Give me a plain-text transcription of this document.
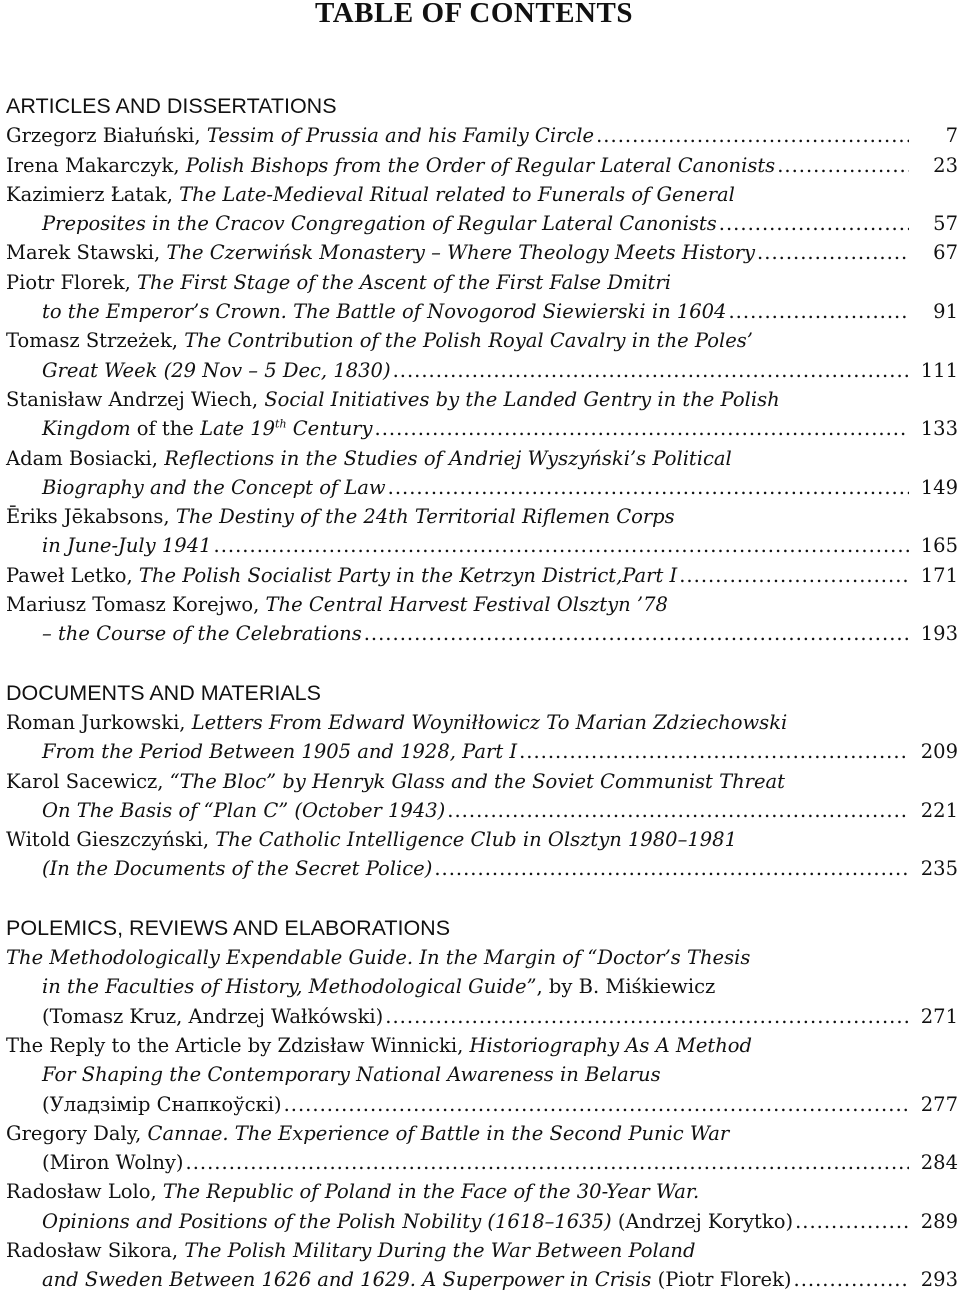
TABLE OF CONTENTS
ARTICLES AND DISSERTATIONS
Grzegorz Białuński, Tessim of Prussia and his Family Circle .....	7
Irena Makarczyk, Polish Bishops from the Order of Regular Lateral Canonists .....	23
Kazimierz Łatak, The Late-Medieval Ritual related to Funerals of General
Preposites in the Cracov Congregation of Regular Lateral Canonists .....	57
Marek Stawski, The Czerwińsk Monastery – Where Theology Meets History .....	67
Piotr Florek, The First Stage of the Ascent of the First False Dmitri
to the Emperor’s Crown. The Battle of Novogorod Siewierski in 1604 .....	91
Tomasz Strzeżek, The Contribution of the Polish Royal Cavalry in the Poles’
Great Week (29 Nov – 5 Dec, 1830) .....	111
Stanisław Andrzej Wiech, Social Initiatives by the Landed Gentry in the Polish
Kingdom of the Late 19th Century .....	133
Adam Bosiacki, Reflections in the Studies of Andriej Wyszyński’s Political
Biography and the Concept of Law .....	149
Ēriks Jēkabsons, The Destiny of the 24th Territorial Riflemen Corps
in June-July 1941 .....	165
Paweł Letko, The Polish Socialist Party in the Ketrzyn District,Part I .....	171
Mariusz Tomasz Korejwo, The Central Harvest Festival Olsztyn ’78
– the Course of the Celebrations .....	193
DOCUMENTS AND MATERIALS
Roman Jurkowski, Letters From Edward Woyniłłowicz To Marian Zdziechowski
From the Period Between 1905 and 1928, Part I .....	209
Karol Sacewicz, “The Bloc” by Henryk Glass and the Soviet Communist Threat
On The Basis of “Plan C” (October 1943) .....	221
Witold Gieszczyński, The Catholic Intelligence Club in Olsztyn 1980–1981
(In the Documents of the Secret Police) .....	235
POLEMICS, REVIEWS AND ELABORATIONS
The Methodologically Expendable Guide. In the Margin of “Doctor’s Thesis
in the Faculties of History, Methodological Guide”, by B. Miśkiewicz
(Tomasz Kruz, Andrzej Wałkówski) .....	271
The Reply to the Article by Zdzisław Winnicki, Historiography As A Method
For Shaping the Contemporary National Awareness in Belarus
(Уладзімір Снапкоўскі) .....	277
Gregory Daly, Cannae. The Experience of Battle in the Second Punic War
(Miron Wolny) .....	284
Radosław Lolo, The Republic of Poland in the Face of the 30-Year War.
Opinions and Positions of the Polish Nobility (1618–1635) (Andrzej Korytko) .....	289
Radosław Sikora, The Polish Military During the War Between Poland
and Sweden Between 1626 and 1629. A Superpower in Crisis (Piotr Florek) .....	293
